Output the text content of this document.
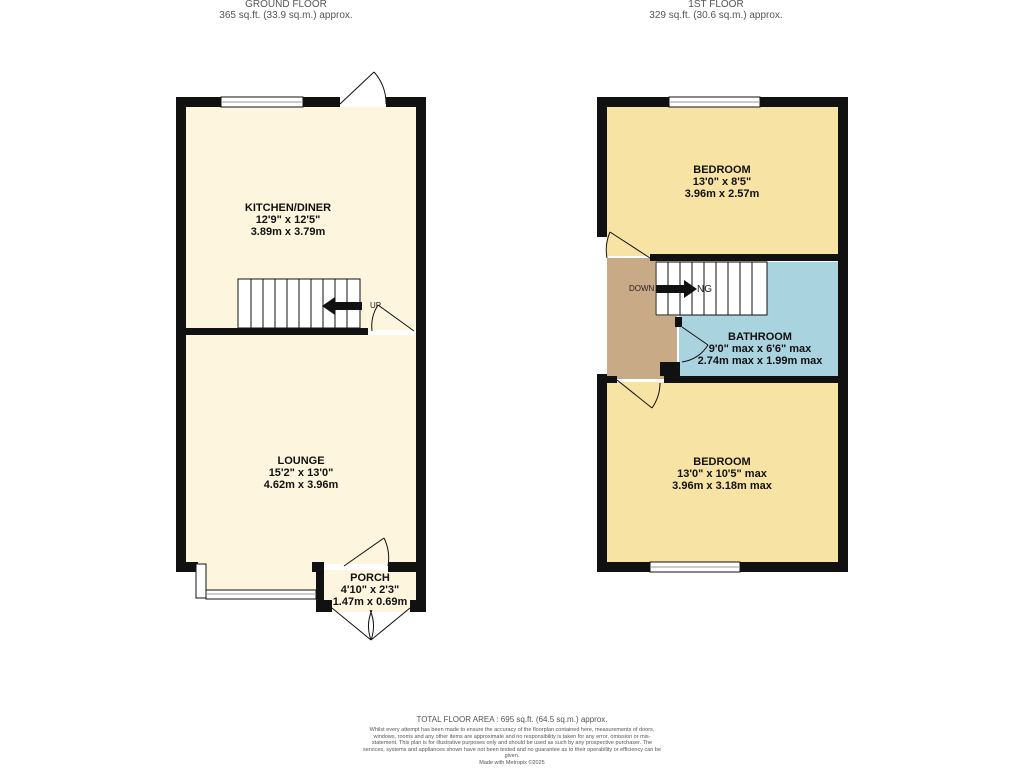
GROUND FLOOR
365 sq.ft. (33.9 sq.m.) approx.
1ST FLOOR
329 sq.ft. (30.6 sq.m.) approx.
KITCHEN/DINER
12'9" x 12'5"
3.89m x 3.79m
LOUNGE
15'2" x 13'0"
4.62m x 3.96m
PORCH
4'10" x 2'3"
1.47m x 0.69m
UP
BEDROOM
13'0" x 8'5"
3.96m x 2.57m
BATHROOM
9'0" max x 6'6" max
2.74m max x 1.99m max
BEDROOM
13'0" x 10'5" max
3.96m x 3.18m max
DOWN	NG
TOTAL FLOOR AREA : 695 sq.ft. (64.5 sq.m.) approx.
Whilst every attempt has been made to ensure the accuracy of the floorplan contained here, measurements of doors, windows, rooms and any other items are approximate and no responsibility is taken for any error, omission or mis-statement. This plan is for illustrative purposes only and should be used as such by any prospective purchaser. The services, systems and appliances shown have not been tested and no guarantee as to their operability or efficiency can be given.
Made with Metropix ©2025
